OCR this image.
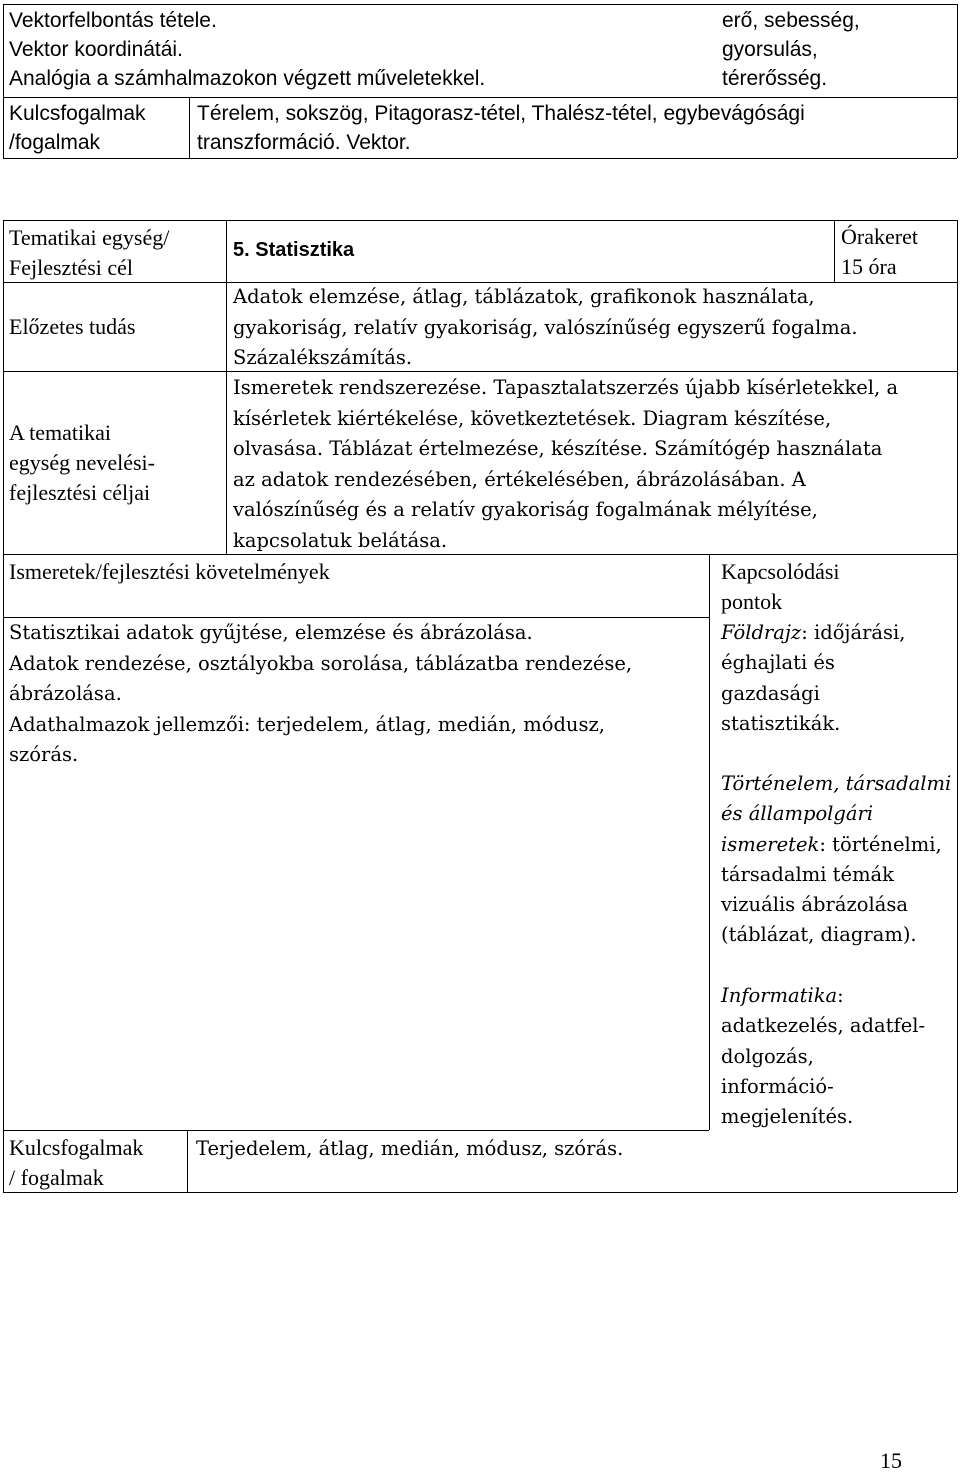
Vektorfelbontás tétele.
Vektor koordinátái.
Analógia a számhalmazokon végzett műveletekkel.
erő, sebesség,
gyorsulás,
térerősség.
Kulcsfogalmak
/fogalmak
Térelem, sokszög, Pitagorasz-tétel, Thalész-tétel, egybevágósági
transzformáció. Vektor.
Tematikai egység/
Fejlesztési cél
5. Statisztika
Órakeret
15 óra
Előzetes tudás
Adatok elemzése, átlag, táblázatok, grafikonok használata,
gyakoriság, relatív gyakoriság, valószínűség egyszerű fogalma.
Százalékszámítás.
A tematikai
egység nevelési-
fejlesztési céljai
Ismeretek rendszerezése. Tapasztalatszerzés újabb kísérletekkel, a
kísérletek kiértékelése, következtetések. Diagram készítése,
olvasása. Táblázat értelmezése, készítése. Számítógép használata
az adatok rendezésében, értékelésében, ábrázolásában. A
valószínűség és a relatív gyakoriság fogalmának mélyítése,
kapcsolatuk belátása.
Ismeretek/fejlesztési követelmények	Kapcsolódási
pontok
Statisztikai adatok gyűjtése, elemzése és ábrázolása.
Adatok rendezése, osztályokba sorolása, táblázatba rendezése,
ábrázolása.
Adathalmazok jellemzői: terjedelem, átlag, medián, módusz,
szórás.
Földrajz: időjárási,
éghajlati és
gazdasági
statisztikák.
Történelem, társadalmi
és állampolgári
ismeretek: történelmi,
társadalmi témák
vizuális ábrázolása
(táblázat, diagram).
Informatika:
adatkezelés, adatfel-
dolgozás,
információ-
megjelenítés.
Kulcsfogalmak
/ fogalmak
Terjedelem, átlag, medián, módusz, szórás.
15
